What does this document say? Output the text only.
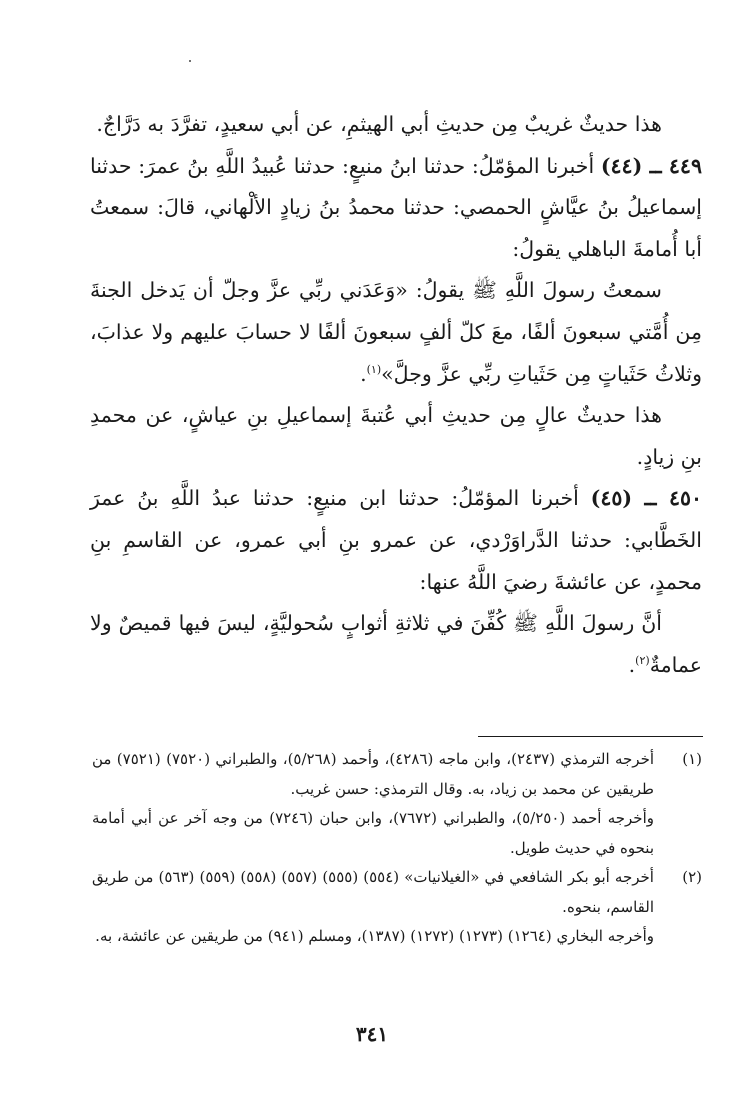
هذا حديثٌ غريبٌ مِن حديثِ أبي الهيثمِ، عن أبي سعيدٍ، تفرَّدَ به دَرَّاجٌ.

٤٤٩ ــ (٤٤) أخبرنا المؤمّلُ: حدثنا ابنُ منيعٍ: حدثنا عُبيدُ اللَّهِ بنُ عمرَ: حدثنا إسماعيلُ بنُ عيَّاشٍ الحمصي: حدثنا محمدُ بنُ زيادٍ الألْهاني، قالَ: سمعتُ أبا أُمامةَ الباهلي يقولُ:

سمعتُ رسولَ اللَّهِ ﷺ يقولُ: «وَعَدَني ربِّي عزَّ وجلّ أن يَدخل الجنةَ مِن أُمَّتي سبعونَ ألفًا، معَ كلّ ألفٍ سبعونَ ألفًا لا حسابَ عليهم ولا عذابَ، وثلاثُ حَثَياتٍ مِن حَثَياتِ ربِّي عزَّ وجلَّ»$^{(١)}$.

هذا حديثٌ عالٍ مِن حديثِ أبي عُتبةَ إسماعيلِ بنِ عياشٍ، عن محمدِ بنِ زيادٍ.

٤٥٠ ــ (٤٥) أخبرنا المؤمّلُ: حدثنا ابن منيعٍ: حدثنا عبدُ اللَّهِ بنُ عمرَ الخَطَّابي: حدثنا الدَّراوَرْدي، عن عمرو بنِ أبي عمرو، عن القاسمِ بنِ محمدٍ، عن عائشةَ رضيَ اللَّهُ عنها:

أنَّ رسولَ اللَّهِ ﷺ كُفِّنَ في ثلاثةِ أثوابٍ سُحوليَّةٍ، ليسَ فيها قميصٌ ولا عمامةٌ$^{(٢)}$.

(١)

أخرجه الترمذي (٢٤٣٧)، وابن ماجه (٤٢٨٦)، وأحمد (٥/٢٦٨)، والطبراني (٧٥٢٠) (٧٥٢١) من طريقين عن محمد بن زياد، به. وقال الترمذي: حسن غريب.

وأخرجه أحمد (٥/٢٥٠)، والطبراني (٧٦٧٢)، وابن حبان (٧٢٤٦) من وجه آخر عن أبي أمامة بنحوه في حديث طويل.

(٢)

أخرجه أبو بكر الشافعي في «الغيلانيات» (٥٥٤) (٥٥٥) (٥٥٧) (٥٥٨) (٥٥٩) (٥٦٣) من طريق القاسم، بنحوه.

وأخرجه البخاري (١٢٦٤) (١٢٧٣) (١٢٧٢) (١٣٨٧)، ومسلم (٩٤١) من طريقين عن عائشة، به.

٣٤١
